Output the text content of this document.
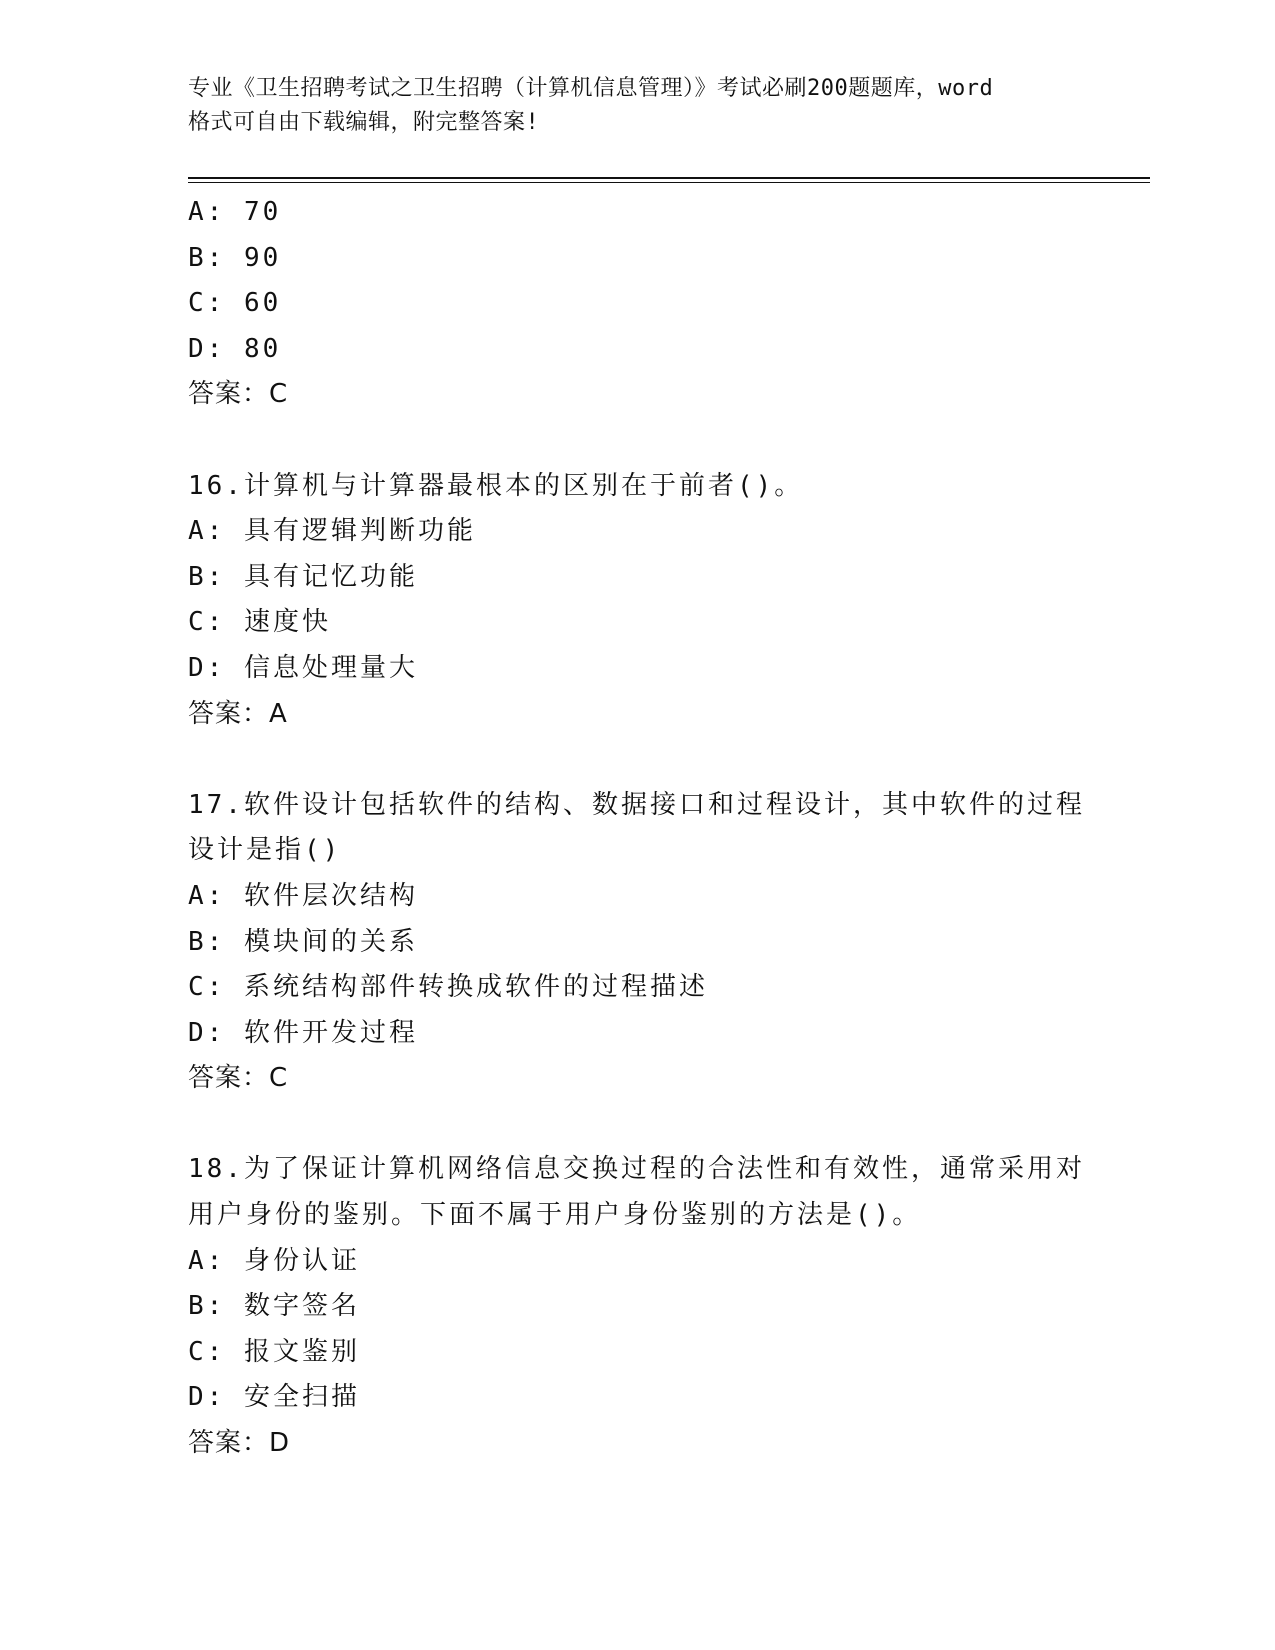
专业《卫生招聘考试之卫生招聘（计算机信息管理）》考试必刷200题题库，word
格式可自由下载编辑，附完整答案!
A: 70
B: 90
C: 60
D: 80
答案：C
16.计算机与计算器最根本的区别在于前者()。
A: 具有逻辑判断功能
B: 具有记忆功能
C: 速度快
D: 信息处理量大
答案：A
17.软件设计包括软件的结构、数据接口和过程设计，其中软件的过程
设计是指()
A: 软件层次结构
B: 模块间的关系
C: 系统结构部件转换成软件的过程描述
D: 软件开发过程
答案：C
18.为了保证计算机网络信息交换过程的合法性和有效性，通常采用对
用户身份的鉴别。下面不属于用户身份鉴别的方法是()。
A: 身份认证
B: 数字签名
C: 报文鉴别
D: 安全扫描
答案：D
